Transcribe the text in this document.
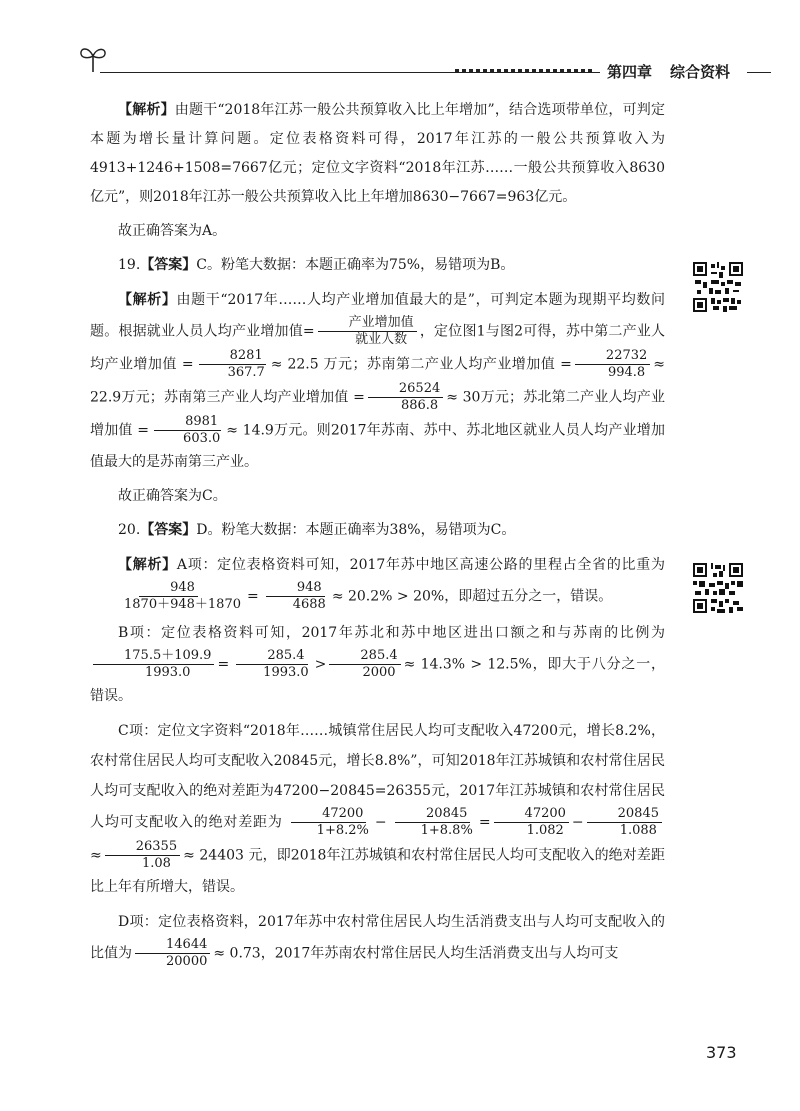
第四章 综合资料

【解析】由题干“2018年江苏一般公共预算收入比上年增加”，结合选项带单位，可判定本题为增长量计算问题。定位表格资料可得，2017年江苏的一般公共预算收入为4913+1246+1508=7667亿元；定位文字资料“2018年江苏……一般公共预算收入8630亿元”，则2018年江苏一般公共预算收入比上年增加8630−7667=963亿元。

故正确答案为A。

19.【答案】C。粉笔大数据：本题正确率为75%，易错项为B。

【解析】由题干“2017年……人均产业增加值最大的是”，可判定本题为现期平均数问题。根据就业人员人均产业增加值= $\frac{\text{产业增加值}}{\text{就业人数}}$ ，定位图1与图2可得，苏中第二产业人均产业增加值 = $\frac{8281}{367.7} \approx 22.5$ 万元；苏南第二产业人均产业增加值 = $\frac{22732}{994.8} \approx 22.9$万元；苏南第三产业人均产业增加值 = $\frac{26524}{886.8} \approx 30$万元；苏北第二产业人均产业增加值 = $\frac{8981}{603.0} \approx 14.9$万元。则2017年苏南、苏中、苏北地区就业人员人均产业增加值最大的是苏南第三产业。

故正确答案为C。

20.【答案】D。粉笔大数据：本题正确率为38%，易错项为C。

【解析】A项：定位表格资料可知，2017年苏中地区高速公路的里程占全省的比重为
$\frac{948}{1870+948+1870} = \frac{948}{4688} \approx 20.2\% > 20\%$，即超过五分之一，错误。

B项：定位表格资料可知，2017年苏北和苏中地区进出口额之和与苏南的比例为
$\frac{175.5+109.9}{1993.0} = \frac{285.4}{1993.0} > \frac{285.4}{2000} \approx 14.3\% > 12.5\%$，即大于八分之一，错误。

C项：定位文字资料“2018年……城镇常住居民人均可支配收入47200元，增长8.2%，农村常住居民人均可支配收入20845元，增长8.8%”，可知2018年江苏城镇和农村常住居民人均可支配收入的绝对差距为47200−20845=26355元，2017年江苏城镇和农村常住居民人均可支配收入的绝对差距为 $\frac{47200}{1+8.2\%} - \frac{20845}{1+8.8\%} = \frac{47200}{1.082} - \frac{20845}{1.088}$
≈ $\frac{26355}{1.08} \approx 24403$ 元，即2018年江苏城镇和农村常住居民人均可支配收入的绝对差距比上年有所增大，错误。

D项：定位表格资料，2017年苏中农村常住居民人均生活消费支出与人均可支配收入的比值为 $\frac{14644}{20000} \approx 0.73$，2017年苏南农村常住居民人均生活消费支出与人均可支

373
